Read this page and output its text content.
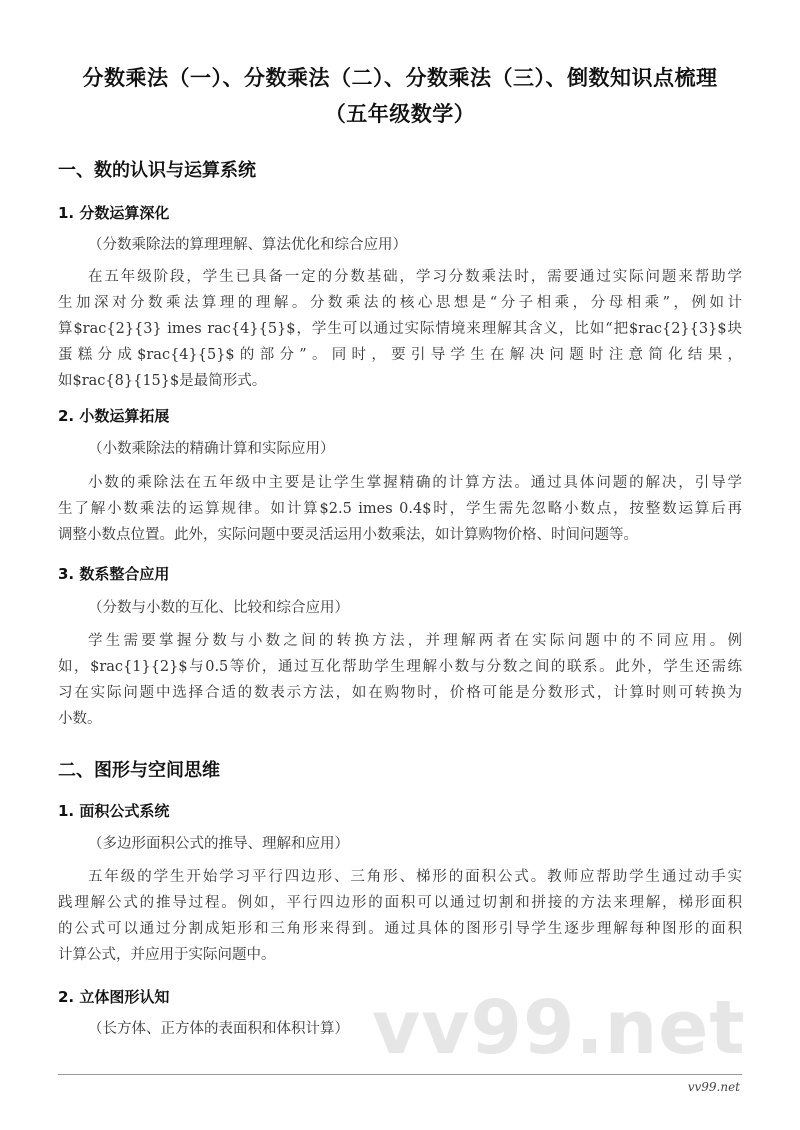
分数乘法（一）、分数乘法（二）、分数乘法（三）、倒数知识点梳理
（五年级数学）
一、数的认识与运算系统
1. 分数运算深化
（分数乘除法的算理理解、算法优化和综合应用）
在五年级阶段，学生已具备一定的分数基础，学习分数乘法时，需要通过实际问题来帮助学
生加深对分数乘法算理的理解。分数乘法的核心思想是“分子相乘，分母相乘”，例如计
算$rac{2}{3} imes rac{4}{5}$，学生可以通过实际情境来理解其含义，比如“把$rac{2}{3}$块
蛋糕分成$rac{4}{5}$的部分”。同时，要引导学生在解决问题时注意简化结果，
如$rac{8}{15}$是最简形式。
2. 小数运算拓展
（小数乘除法的精确计算和实际应用）
小数的乘除法在五年级中主要是让学生掌握精确的计算方法。通过具体问题的解决，引导学
生了解小数乘法的运算规律。如计算$2.5 imes 0.4$时，学生需先忽略小数点，按整数运算后再
调整小数点位置。此外，实际问题中要灵活运用小数乘法，如计算购物价格、时间问题等。
3. 数系整合应用
（分数与小数的互化、比较和综合应用）
学生需要掌握分数与小数之间的转换方法，并理解两者在实际问题中的不同应用。例
如，$rac{1}{2}$与0.5等价，通过互化帮助学生理解小数与分数之间的联系。此外，学生还需练
习在实际问题中选择合适的数表示方法，如在购物时，价格可能是分数形式，计算时则可转换为
小数。
二、图形与空间思维
1. 面积公式系统
（多边形面积公式的推导、理解和应用）
五年级的学生开始学习平行四边形、三角形、梯形的面积公式。教师应帮助学生通过动手实
践理解公式的推导过程。例如，平行四边形的面积可以通过切割和拼接的方法来理解，梯形面积
的公式可以通过分割成矩形和三角形来得到。通过具体的图形引导学生逐步理解每种图形的面积
计算公式，并应用于实际问题中。
2. 立体图形认知
（长方体、正方体的表面积和体积计算） vv99.net
vv99.net
